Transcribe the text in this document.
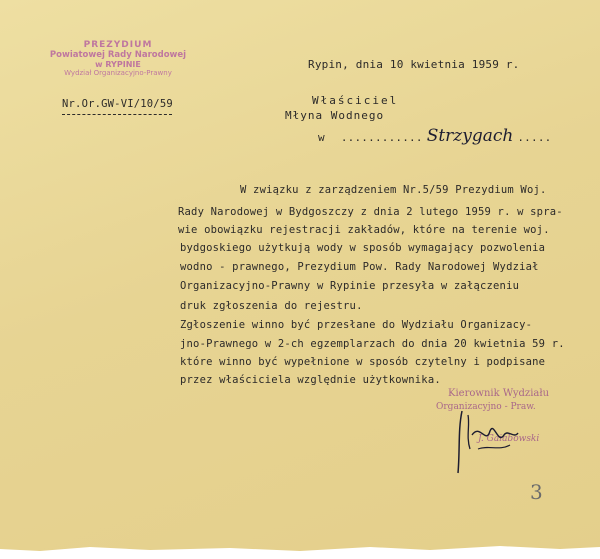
PREZYDIUM
Powiatowej Rady Narodowej
w RYPINIE
Wydział Organizacyjno-Prawny
Nr.Or.GW-VI/10/59
Rypin, dnia 10 kwietnia 1959 r.
Właściciel
Młyna Wodnego
w ............ Strzygach .....
W związku z zarządzeniem Nr.5/59 Prezydium Woj.
Rady Narodowej w Bydgoszczy z dnia 2 lutego 1959 r. w spra-
wie obowiązku rejestracji zakładów, które na terenie woj.
bydgoskiego użytkują wody w sposób wymagający pozwolenia
wodno - prawnego, Prezydium Pow. Rady Narodowej Wydział
Organizacyjno-Prawny w Rypinie przesyła w załączeniu
druk zgłoszenia do rejestru.
Zgłoszenie winno być przesłane do Wydziału Organizacy-
jno-Prawnego w 2-ch egzemplarzach do dnia 20 kwietnia 59 r.
które winno być wypełnione w sposób czytelny i podpisane
przez właściciela względnie użytkownika.
Kierownik Wydziału
Organizacyjno - Praw.
J. Gaiabowski
3
